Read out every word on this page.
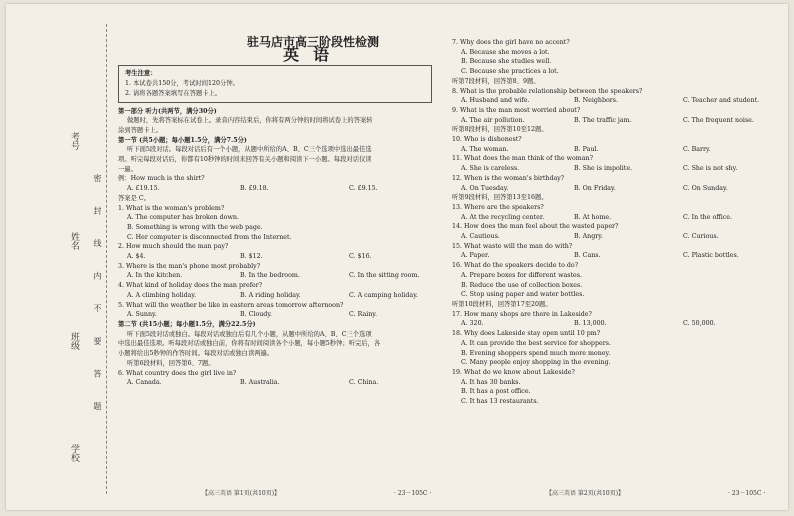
考号
姓名
班级
学校
密 封 线 内 不 要 答 题

驻马店市高三阶段性检测

英语

考生注意：

1. 本试卷共150分，考试时间120分钟。

2. 请将各题答案填写在答题卡上。

第一部分 听力(共两节，满分30分)

做题时，先将答案标在试卷上。录音内容结束后，你将有两分钟的时间将试卷上的答案转

涂到答题卡上。

第一节 (共5小题；每小题1.5分，满分7.5分)

听下面5段对话。每段对话后有一个小题，从题中所给的A、B、C三个选项中选出最佳选

项。听完每段对话后，你都有10秒钟的时间来回答有关小题和阅读下一小题。每段对话仅读

一遍。

例：How much is the shirt?

A. £19.15.	B. £9.18.	C. £9.15.

答案是 C。

1. What is the woman's problem?

A. The computer has broken down.

B. Something is wrong with the web page.

C. Her computer is disconnected from the Internet.

2. How much should the man pay?

A. $4.	B. $12.	C. $16.

3. Where is the man's phone most probably?

A. In the kitchen.	B. In the bedroom.	C. In the sitting room.

4. What kind of holiday does the man prefer?

A. A climbing holiday.	B. A riding holiday.	C. A camping holiday.

5. What will the weather be like in eastern areas tomorrow afternoon?

A. Sunny.	B. Cloudy.	C. Rainy.

第二节 (共15小题；每小题1.5分，满分22.5分)

听下面5段对话或独白。每段对话或独白后有几个小题，从题中所给的A、B、C三个选项

中选出最佳选项。听每段对话或独白前，你将有时间阅读各个小题，每小题5秒钟；听完后，各

小题将给出5秒钟的作答时间。每段对话或独白读两遍。

听第6段材料，回答第6、7题。

6. What country does the girl live in?

A. Canada.	B. Australia.	C. China.
【高三英语 第1页(共10页)】	· 23－105C ·

7. Why does the girl have no accent?

A. Because she moves a lot.

B. Because she studies well.

C. Because she practices a lot.

听第7段材料，回答第8、9题。

8. What is the probable relationship between the speakers?

A. Husband and wife.	B. Neighbors.	C. Teacher and student.

9. What is the man most worried about?

A. The air pollution.	B. The traffic jam.	C. The frequent noise.

听第8段材料，回答第10至12题。

10. Who is dishonest?

A. The woman.	B. Paul.	C. Barry.

11. What does the man think of the woman?

A. She is careless.	B. She is impolite.	C. She is not shy.

12. When is the woman's birthday?

A. On Tuesday.	B. On Friday.	C. On Sunday.

听第9段材料，回答第13至16题。

13. Where are the speakers?

A. At the recycling center.	B. At home.	C. In the office.

14. How does the man feel about the wasted paper?

A. Cautious.	B. Angry.	C. Curious.

15. What waste will the man do with?

A. Paper.	B. Cans.	C. Plastic bottles.

16. What do the speakers decide to do?

A. Prepare boxes for different wastes.

B. Reduce the use of collection boxes.

C. Stop using paper and water bottles.

听第10段材料，回答第17至20题。

17. How many shops are there in Lakeside?

A. 320.	B. 13,000.	C. 50,000.

18. Why does Lakeside stay open until 10 pm?

A. It can provide the best service for shoppers.

B. Evening shoppers spend much more money.

C. Many people enjoy shopping in the evening.

19. What do we know about Lakeside?

A. It has 30 banks.

B. It has a post office.

C. It has 13 restaurants.

【高三英语 第2页(共10页)】	· 23－105C ·
